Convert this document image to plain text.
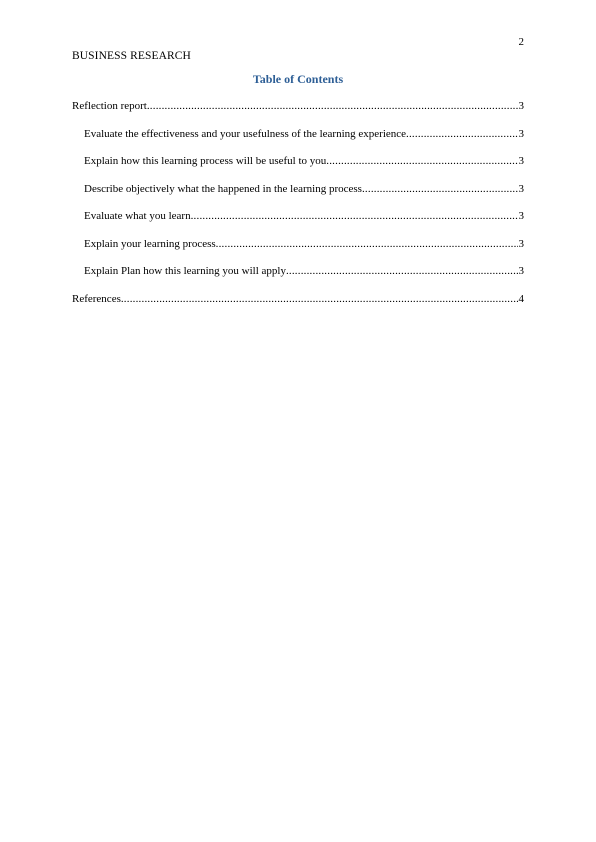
2
BUSINESS RESEARCH
Table of Contents
Reflection report .....	3
Evaluate the effectiveness and your usefulness of the learning experience .....	3
Explain how this learning process will be useful to you .....	3
Describe objectively what the happened in the learning process .....	3
Evaluate what you learn .....	3
Explain your learning process .....	3
Explain Plan how this learning you will apply .....	3
References .....	4
